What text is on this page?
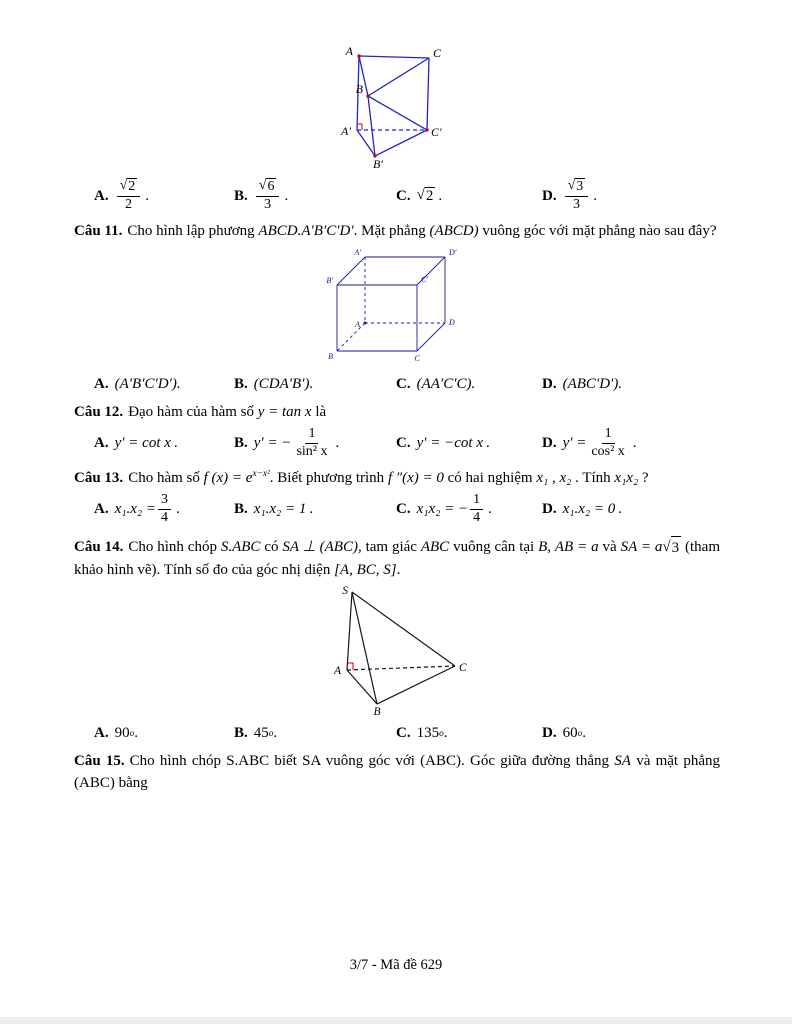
A	C
B
A′	C′
B′
A. $\frac{√ 2}{2}$ .	B. $\frac{√ 6}{3}$ .	C. √ 2 .	D. $\frac{√ 3}{3}$ .

Câu 11. Cho hình lập phương ABCD.A′B′C′D′. Mặt phẳng (ABCD) vuông góc với mặt phẳng nào sau đây?

A′	D′
B′	C′
A	D
B	C
A. (A′B′C′D′).	B. (CDA′B′).	C. (AA′C′C).	D. (ABC′D′).

Câu 12. Đạo hàm của hàm số y = tan x là

A. y′ = cot x .	B. y′ = − $\frac{1}{\text{sin² x}}$ .	C. y′ = −cot x .	D. $y' = \frac{1}{\text{cos² x}}$ .

Câu 13. Cho hàm số f $(x) = e^{x-x^2}$. Biết phương trình f ″(x) = 0 có hai nghiệm x₁ , x₂ . Tính x₁x₂ ?

A. $x_1.x_2 = \frac{3}{4}$ .	B. x₁.x₂ = 1 .	C. x₁x₂ = − $\frac{1}{4}$ .	D. x₁.x₂ = 0 .

Câu 14. Cho hình chóp S.ABC có SA ⊥ (ABC), tam giác ABC vuông cân tại B, AB = a và SA = a √ 3 (tham khảo hình vẽ). Tính số đo của góc nhị diện [A, BC, S].

S
A	C
B
A. 90 o .	B. 45 o .	C. 135 o .	D. 60 o .

Câu 15. Cho hình chóp S.ABC biết SA vuông góc với (ABC). Góc giữa đường thẳng SA và mặt phẳng (ABC) bằng

3/7 - Mã đề 629
